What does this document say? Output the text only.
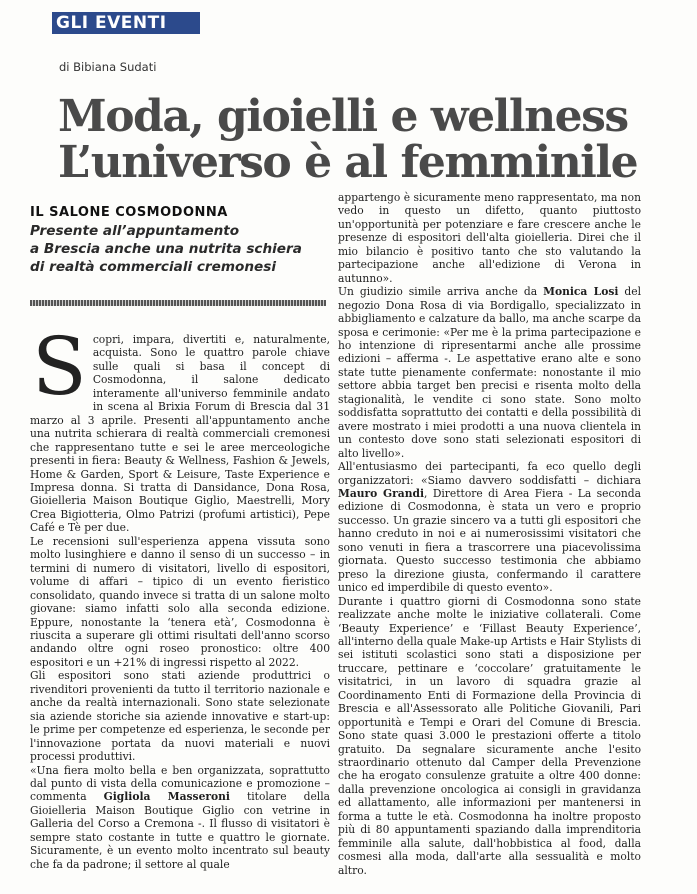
GLI EVENTI
di Bibiana Sudati
Moda, gioielli e wellness
L’universo è al femminile
IL SALONE COSMODONNA
Presente all’appuntamento
a Brescia anche una nutrita schiera
di realtà commerciali cremonesi

Scopri, impara, divertiti e, naturalmente, acquista. Sono le quattro parole chiave sulle quali si basa il concept di Cosmodonna, il salone dedicato interamente all'universo femminile andato in scena al Brixia Forum di Brescia dal 31 marzo al 3 aprile. Presenti all'appuntamento anche una nutrita schierara di realtà commerciali cremonesi che rappresentano tutte e sei le aree merceologiche presenti in fiera: Beauty & Wellness, Fashion & Jewels, Home & Garden, Sport & Leisure, Taste Experience e Impresa donna. Si tratta di Dansidance, Dona Rosa, Gioielleria Maison Boutique Giglio, Maestrelli, Mory Crea Bigiotteria, Olmo Patrizi (profumi artistici), Pepe Café e Tè per due.

Le recensioni sull'esperienza appena vissuta sono molto lusinghiere e danno il senso di un successo – in termini di numero di visitatori, livello di espositori, volume di affari – tipico di un evento fieristico consolidato, quando invece si tratta di un salone molto giovane: siamo infatti solo alla seconda edizione. Eppure, nonostante la ‘tenera età’, Cosmodonna è riuscita a superare gli ottimi risultati dell'anno scorso andando oltre ogni roseo pronostico: oltre 400 espositori e un +21% di ingressi rispetto al 2022.

Gli espositori sono stati aziende produttrici o rivenditori provenienti da tutto il territorio nazionale e anche da realtà internazionali. Sono state selezionate sia aziende storiche sia aziende innovative e start-up: le prime per competenze ed esperienza, le seconde per l'innovazione portata da nuovi materiali e nuovi processi produttivi.

«Una fiera molto bella e ben organizzata, soprattutto dal punto di vista della comunicazione e promozione – commenta Gigliola Masseroni titolare della Gioielleria Maison Boutique Giglio con vetrine in Galleria del Corso a Cremona -. Il flusso di visitatori è sempre stato costante in tutte e quattro le giornate. Sicuramente, è un evento molto incentrato sul beauty che fa da padrone; il settore al quale

appartengo è sicuramente meno rappresentato, ma non vedo in questo un difetto, quanto piuttosto un'opportunità per potenziare e fare crescere anche le presenze di espositori dell'alta gioielleria. Direi che il mio bilancio è positivo tanto che sto valutando la partecipazione anche all'edizione di Verona in autunno».

Un giudizio simile arriva anche da Monica Losi del negozio Dona Rosa di via Bordigallo, specializzato in abbigliamento e calzature da ballo, ma anche scarpe da sposa e cerimonie: «Per me è la prima partecipazione e ho intenzione di ripresentarmi anche alle prossime edizioni – afferma -. Le aspettative erano alte e sono state tutte pienamente confermate: nonostante il mio settore abbia target ben precisi e risenta molto della stagionalità, le vendite ci sono state. Sono molto soddisfatta soprattutto dei contatti e della possibilità di avere mostrato i miei prodotti a una nuova clientela in un contesto dove sono stati selezionati espositori di alto livello».

All'entusiasmo dei partecipanti, fa eco quello degli organizzatori: «Siamo davvero soddisfatti – dichiara Mauro Grandi, Direttore di Area Fiera - La seconda edizione di Cosmodonna, è stata un vero e proprio successo. Un grazie sincero va a tutti gli espositori che hanno creduto in noi e ai numerosissimi visitatori che sono venuti in fiera a trascorrere una piacevolissima giornata. Questo successo testimonia che abbiamo preso la direzione giusta, confermando il carattere unico ed imperdibile di questo evento».

Durante i quattro giorni di Cosmodonna sono state realizzate anche molte le iniziative collaterali. Come ‘Beauty Experience’ e ‘Fillast Beauty Experience’, all'interno della quale Make-up Artists e Hair Stylists di sei istituti scolastici sono stati a disposizione per truccare, pettinare e ‘coccolare’ gratuitamente le visitatrici, in un lavoro di squadra grazie al Coordinamento Enti di Formazione della Provincia di Brescia e all'Assessorato alle Politiche Giovanili, Pari opportunità e Tempi e Orari del Comune di Brescia. Sono state quasi 3.000 le prestazioni offerte a titolo gratuito. Da segnalare sicuramente anche l'esito straordinario ottenuto dal Camper della Prevenzione che ha erogato consulenze gratuite a oltre 400 donne: dalla prevenzione oncologica ai consigli in gravidanza ed allattamento, alle informazioni per mantenersi in forma a tutte le età. Cosmodonna ha inoltre proposto più di 80 appuntamenti spaziando dalla imprenditoria femminile alla salute, dall'hobbistica al food, dalla cosmesi alla moda, dall'arte alla sessualità e molto altro.
